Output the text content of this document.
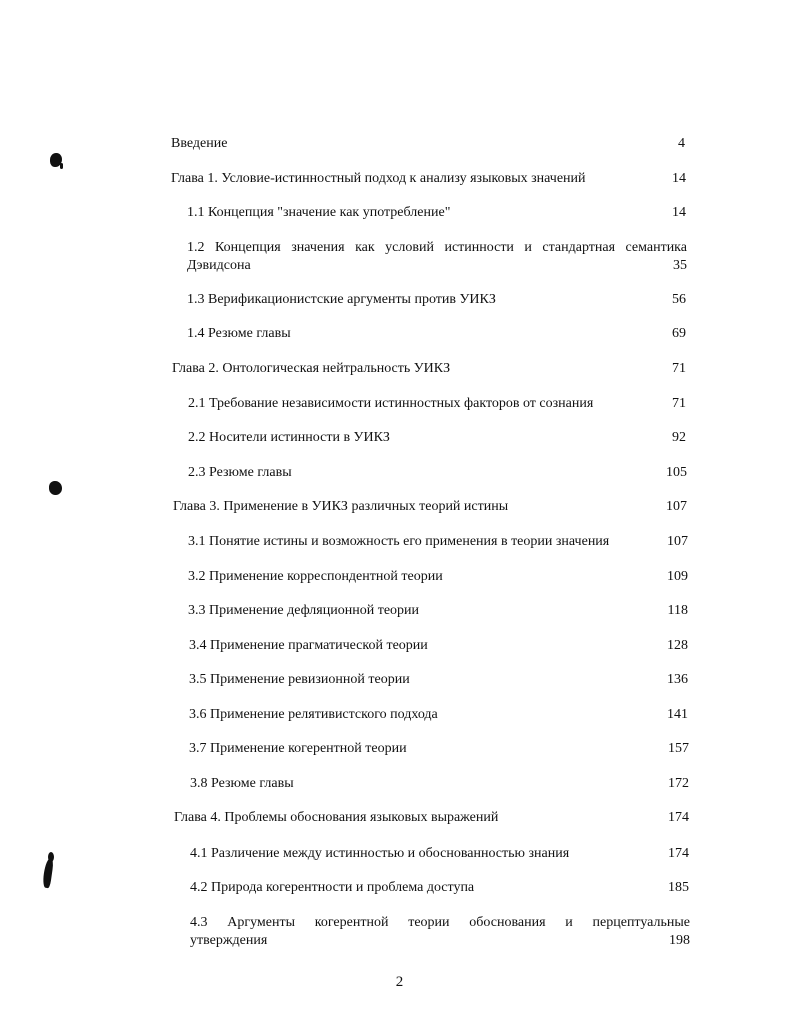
Введение	4
Глава 1. Условие-истинностный подход к анализу языковых значений	14
1.1 Концепция "значение как употребление"	14
1.2 Концепция значения как условий истинности и стандартная семантика
Дэвидсона	35
1.3 Верификационистские аргументы против УИКЗ	56
1.4 Резюме главы	69
Глава 2. Онтологическая нейтральность УИКЗ	71
2.1 Требование независимости истинностных факторов от сознания	71
2.2 Носители истинности в УИКЗ	92
2.3 Резюме главы	105
Глава 3. Применение в УИКЗ различных теорий истины	107
3.1 Понятие истины и возможность его применения в теории значения	107
3.2 Применение корреспондентной теории	109
3.3 Применение дефляционной теории	118
3.4 Применение прагматической теории	128
3.5 Применение ревизионной теории	136
3.6 Применение релятивистского подхода	141
3.7 Применение когерентной теории	157
3.8 Резюме главы	172
Глава 4. Проблемы обоснования языковых выражений	174
4.1 Различение между истинностью и обоснованностью знания	174
4.2 Природа когерентности и проблема доступа	185
4.3 Аргументы когерентной теории обоснования и перцептуальные
утверждения	198
2
